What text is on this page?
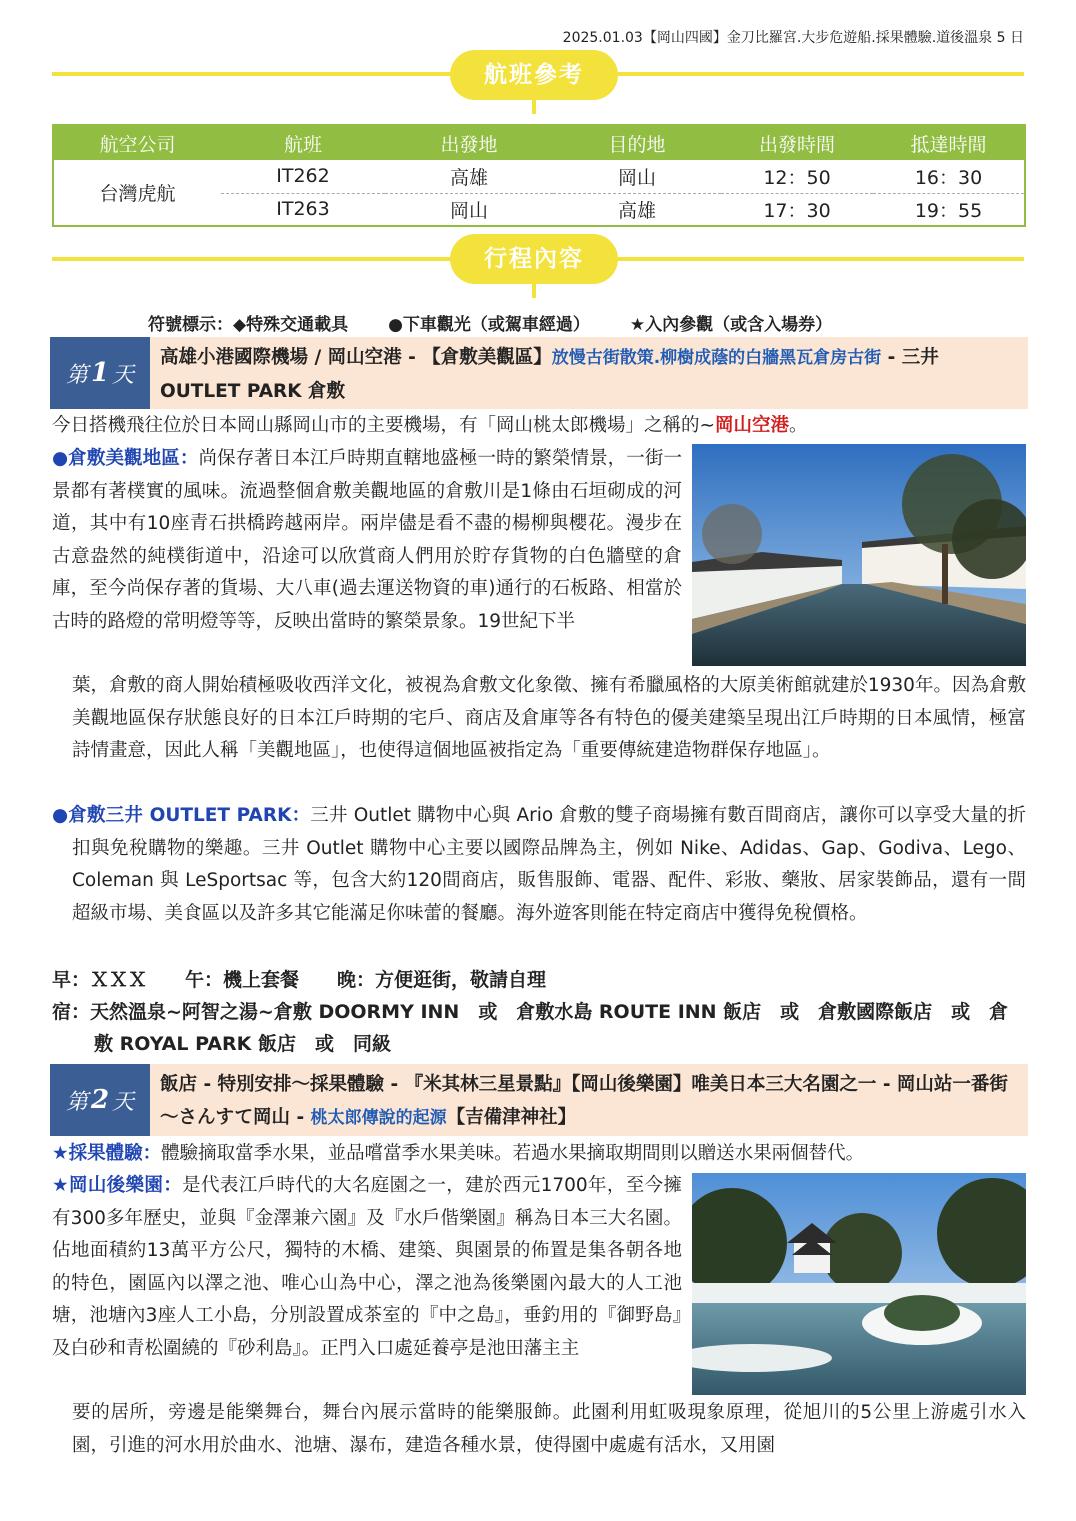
2025.01.03【岡山四國】金刀比羅宮.大步危遊船.採果體驗.道後溫泉 5 日
航班參考
航空公司	航班	出發地	目的地	出發時間	抵達時間
台灣虎航	IT262	高雄	岡山	12：50	16：30
	IT263	岡山	高雄	17：30	19：55
行程內容
符號標示：◆特殊交通載具 ●下車觀光（或駕車經過） ★入內參觀（或含入場券）
第 1 天
高雄小港國際機場 / 岡山空港 - 【倉敷美觀區】放慢古街散策.柳樹成蔭的白牆黑瓦倉房古街 - 三井 OUTLET PARK 倉敷
今日搭機飛往位於日本岡山縣岡山市的主要機場，有「岡山桃太郎機場」之稱的~岡山空港。
●倉敷美觀地區：尚保存著日本江戶時期直轄地盛極一時的繁榮情景，一街一景都有著樸實的風味。流過整個倉敷美觀地區的倉敷川是1條由石垣砌成的河道，其中有10座青石拱橋跨越兩岸。兩岸儘是看不盡的楊柳與櫻花。漫步在古意盎然的純樸街道中，沿途可以欣賞商人們用於貯存貨物的白色牆壁的倉庫，至今尚保存著的貨場、大八車(過去運送物資的車)通行的石板路、相當於古時的路燈的常明燈等等，反映出當時的繁榮景象。19世紀下半
葉，倉敷的商人開始積極吸收西洋文化，被視為倉敷文化象徵、擁有希臘風格的大原美術館就建於1930年。因為倉敷美觀地區保存狀態良好的日本江戶時期的宅戶、商店及倉庫等各有特色的優美建築呈現出江戶時期的日本風情，極富詩情畫意，因此人稱「美觀地區」，也使得這個地區被指定為「重要傳統建造物群保存地區」。
●倉敷三井 OUTLET PARK：三井 Outlet 購物中心與 Ario 倉敷的雙子商場擁有數百間商店，讓你可以享受大量的折扣與免稅購物的樂趣。三井 Outlet 購物中心主要以國際品牌為主，例如 Nike、Adidas、Gap、Godiva、Lego、Coleman 與 LeSportsac 等，包含大約120間商店，販售服飾、電器、配件、彩妝、藥妝、居家裝飾品，還有一間超級市場、美食區以及許多其它能滿足你味蕾的餐廳。海外遊客則能在特定商店中獲得免稅價格。
早：ＸＸＸ　　午：機上套餐　　晚：方便逛街，敬請自理
宿：天然溫泉~阿智之湯~倉敷 DOORMY INN　或　倉敷水島 ROUTE INN 飯店　或　倉敷國際飯店　或　倉
敷 ROYAL PARK 飯店　或　同級
第 2 天
飯店 - 特別安排～採果體驗 - 『米其林三星景點』【岡山後樂園】唯美日本三大名園之一 - 岡山站一番街～さんすて岡山 - 桃太郎傳說的起源【吉備津神社】
★採果體驗：體驗摘取當季水果，並品嚐當季水果美味。若過水果摘取期間則以贈送水果兩個替代。
★岡山後樂園：是代表江戶時代的大名庭園之一，建於西元1700年，至今擁有300多年歷史，並與『金澤兼六園』及『水戶偕樂園』稱為日本三大名園。佔地面積約13萬平方公尺，獨特的木橋、建築、與園景的佈置是集各朝各地的特色，園區內以澤之池、唯心山為中心，澤之池為後樂園內最大的人工池塘，池塘內3座人工小島，分別設置成茶室的『中之島』，垂釣用的『御野島』及白砂和青松圍繞的『砂利島』。正門入口處延養亭是池田藩主主
要的居所，旁邊是能樂舞台，舞台內展示當時的能樂服飾。此園利用虹吸現象原理，從旭川的5公里上游處引水入園，引進的河水用於曲水、池塘、瀑布，建造各種水景，使得園中處處有活水，又用園
